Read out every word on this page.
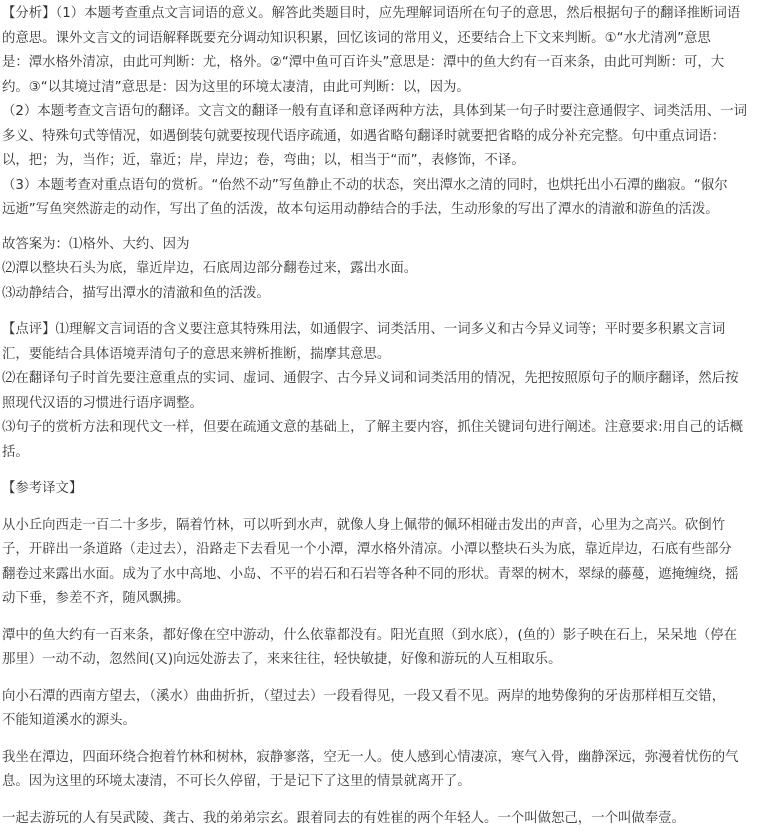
【分析】（1）本题考查重点文言词语的意义。解答此类题目时，应先理解词语所在句子的意思，然后根据句子的翻译推断词语

的意思。课外文言文的词语解释既要充分调动知识积累，回忆该词的常用义，还要结合上下文来判断。①“水尤清冽”意思

是：潭水格外清凉，由此可判断：尤，格外。②“潭中鱼可百许头”意思是：潭中的鱼大约有一百来条，由此可判断：可，大

约。③“以其境过清”意思是：因为这里的环境太凄清，由此可判断：以，因为。

（2）本题考查文言语句的翻译。文言文的翻译一般有直译和意译两种方法，具体到某一句子时要注意通假字、词类活用、一词

多义、特殊句式等情况，如遇倒装句就要按现代语序疏通，如遇省略句翻译时就要把省略的成分补充完整。句中重点词语：

以，把；为，当作；近，靠近；岸，岸边；卷，弯曲；以，相当于“而”，表修饰，不译。

（3）本题考查对重点语句的赏析。“佁然不动”写鱼静止不动的状态，突出潭水之清的同时，也烘托出小石潭的幽寂。“俶尔

远逝”写鱼突然游走的动作，写出了鱼的活泼，故本句运用动静结合的手法，生动形象的写出了潭水的清澈和游鱼的活泼。

故答案为：⑴格外、大约、因为

⑵潭以整块石头为底，靠近岸边，石底周边部分翻卷过来，露出水面。

⑶动静结合，描写出潭水的清澈和鱼的活泼。

【点评】⑴理解文言词语的含义要注意其特殊用法，如通假字、词类活用、一词多义和古今异义词等；平时要多积累文言词

汇，要能结合具体语境弄清句子的意思来辨析推断，揣摩其意思。

⑵在翻译句子时首先要注意重点的实词、虚词、通假字、古今异义词和词类活用的情况，先把按照原句子的顺序翻译，然后按

照现代汉语的习惯进行语序调整。

⑶句子的赏析方法和现代文一样，但要在疏通文意的基础上，了解主要内容，抓住关键词句进行阐述。注意要求:用自己的话概

括。

【参考译文】

从小丘向西走一百二十多步，隔着竹林，可以听到水声，就像人身上佩带的佩环相碰击发出的声音，心里为之高兴。砍倒竹

子，开辟出一条道路（走过去），沿路走下去看见一个小潭，潭水格外清凉。小潭以整块石头为底，靠近岸边，石底有些部分

翻卷过来露出水面。成为了水中高地、小岛、不平的岩石和石岩等各种不同的形状。青翠的树木，翠绿的藤蔓，遮掩缠绕，摇

动下垂，参差不齐，随风飘拂。

潭中的鱼大约有一百来条，都好像在空中游动，什么依靠都没有。阳光直照（到水底），(鱼的）影子映在石上，呆呆地（停在

那里）一动不动，忽然间(又)向远处游去了，来来往往，轻快敏捷，好像和游玩的人互相取乐。

向小石潭的西南方望去，（溪水）曲曲折折，（望过去）一段看得见，一段又看不见。两岸的地势像狗的牙齿那样相互交错，

不能知道溪水的源头。

我坐在潭边，四面环绕合抱着竹林和树林，寂静寥落，空无一人。使人感到心情凄凉，寒气入骨，幽静深远，弥漫着忧伤的气

息。因为这里的环境太凄清，不可长久停留，于是记下了这里的情景就离开了。

一起去游玩的人有吴武陵、龚古、我的弟弟宗玄。跟着同去的有姓崔的两个年轻人。一个叫做恕己，一个叫做奉壹。
